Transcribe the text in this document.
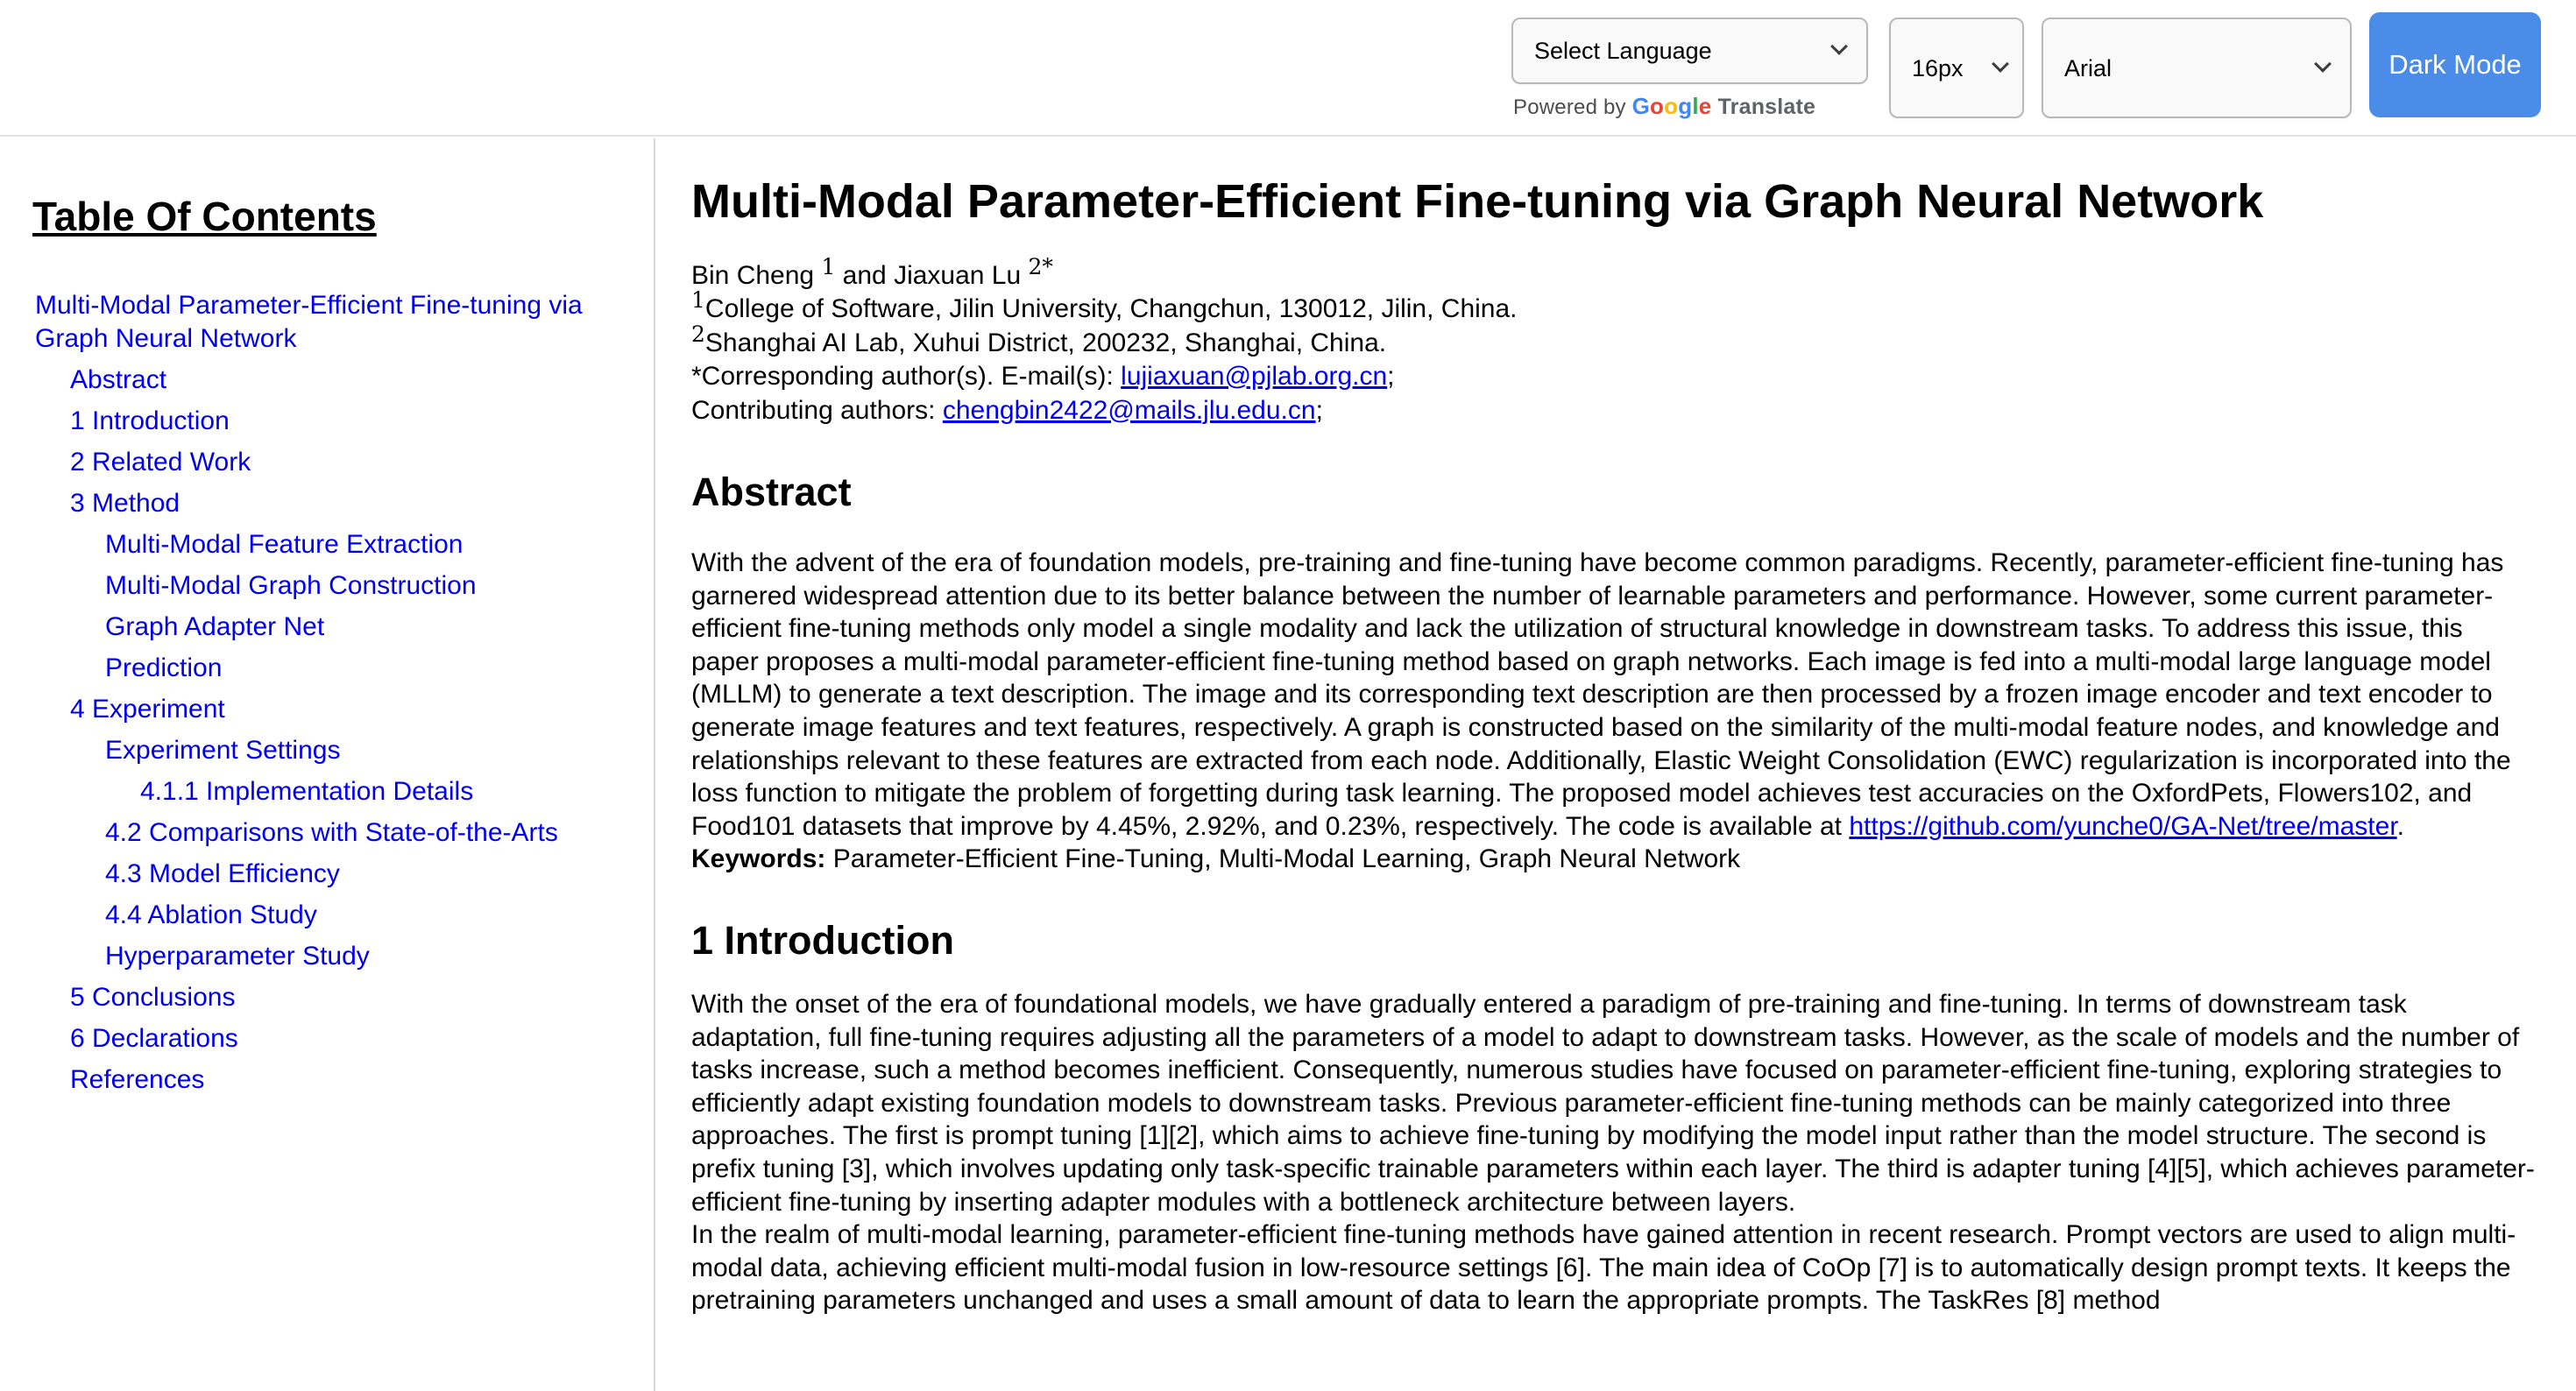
Select Language
Powered by Google Translate
16px
Arial
Dark Mode
Table Of Contents
Multi-Modal Parameter-Efficient Fine-tuning via Graph Neural Network
Abstract
1 Introduction
2 Related Work
3 Method
Multi-Modal Feature Extraction
Multi-Modal Graph Construction
Graph Adapter Net
Prediction
4 Experiment
Experiment Settings
4.1.1 Implementation Details
4.2 Comparisons with State-of-the-Arts
4.3 Model Efficiency
4.4 Ablation Study
Hyperparameter Study
5 Conclusions
6 Declarations
References
Multi-Modal Parameter-Efficient Fine-tuning via Graph Neural Network

Bin Cheng $^1$ and Jiaxuan Lu $^{2*}$

$^1$College of Software, Jilin University, Changchun, 130012, Jilin, China.

$^2$Shanghai AI Lab, Xuhui District, 200232, Shanghai, China.

*Corresponding author(s). E-mail(s): lujiaxuan@pjlab.org.cn;

Contributing authors: chengbin2422@mails.jlu.edu.cn;

Abstract

With the advent of the era of foundation models, pre-training and fine-tuning have become common paradigms. Recently, parameter-efficient fine-tuning has garnered widespread attention due to its better balance between the number of learnable parameters and performance. However, some current parameter-efficient fine-tuning methods only model a single modality and lack the utilization of structural knowledge in downstream tasks. To address this issue, this paper proposes a multi-modal parameter-efficient fine-tuning method based on graph networks. Each image is fed into a multi-modal large language model (MLLM) to generate a text description. The image and its corresponding text description are then processed by a frozen image encoder and text encoder to generate image features and text features, respectively. A graph is constructed based on the similarity of the multi-modal feature nodes, and knowledge and relationships relevant to these features are extracted from each node. Additionally, Elastic Weight Consolidation (EWC) regularization is incorporated into the loss function to mitigate the problem of forgetting during task learning. The proposed model achieves test accuracies on the OxfordPets, Flowers102, and Food101 datasets that improve by 4.45%, 2.92%, and 0.23%, respectively. The code is available at https://github.com/yunche0/GA-Net/tree/master.

Keywords: Parameter-Efficient Fine-Tuning, Multi-Modal Learning, Graph Neural Network

1 Introduction

With the onset of the era of foundational models, we have gradually entered a paradigm of pre-training and fine-tuning. In terms of downstream task adaptation, full fine-tuning requires adjusting all the parameters of a model to adapt to downstream tasks. However, as the scale of models and the number of tasks increase, such a method becomes inefficient. Consequently, numerous studies have focused on parameter-efficient fine-tuning, exploring strategies to efficiently adapt existing foundation models to downstream tasks. Previous parameter-efficient fine-tuning methods can be mainly categorized into three approaches. The first is prompt tuning [1][2], which aims to achieve fine-tuning by modifying the model input rather than the model structure. The second is prefix tuning [3], which involves updating only task-specific trainable parameters within each layer. The third is adapter tuning [4][5], which achieves parameter-efficient fine-tuning by inserting adapter modules with a bottleneck architecture between layers.

In the realm of multi-modal learning, parameter-efficient fine-tuning methods have gained attention in recent research. Prompt vectors are used to align multi-modal data, achieving efficient multi-modal fusion in low-resource settings [6]. The main idea of CoOp [7] is to automatically design prompt texts. It keeps the pretraining parameters unchanged and uses a small amount of data to learn the appropriate prompts. The TaskRes [8] method
